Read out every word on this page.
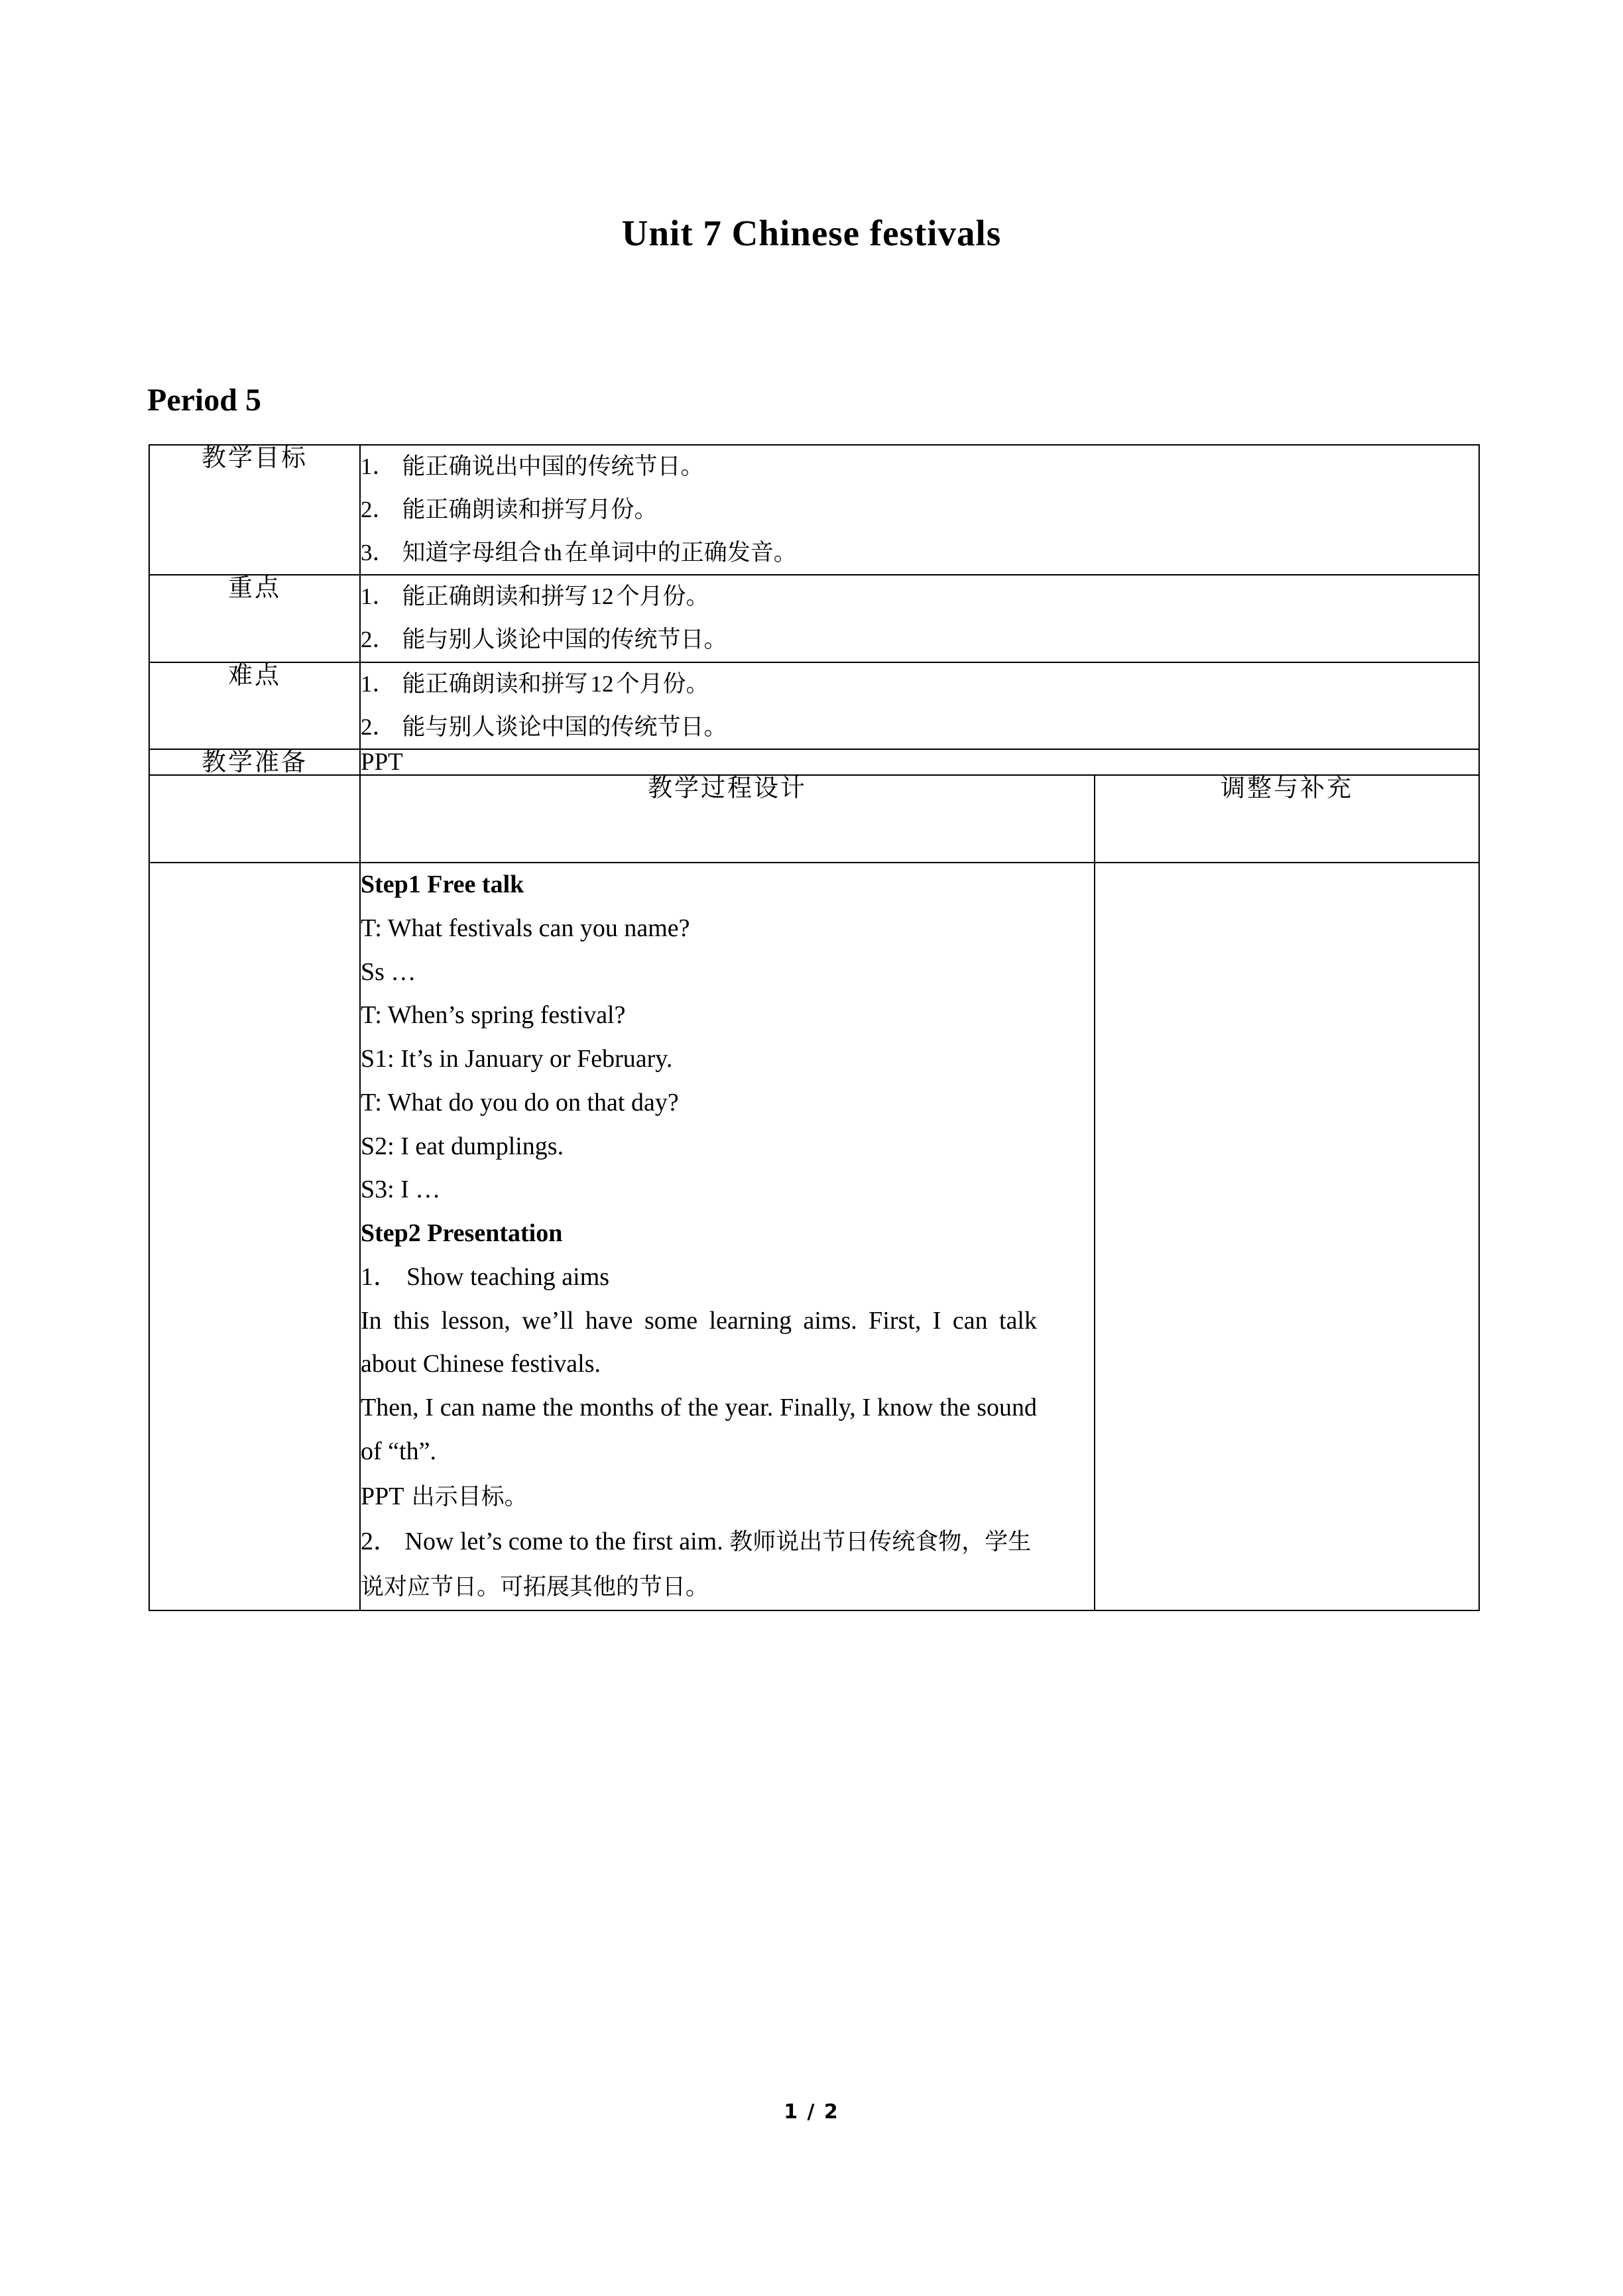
Unit 7 Chinese festivals
Period 5
教学目标	1． 能正确说出中国的传统节日。
2． 能正确朗读和拼写月份。
3． 知道字母组合 th 在单词中的正确发音。	

重点	1． 能正确朗读和拼写 12 个月份。
2． 能与别人谈论中国的传统节日。	

难点	1． 能正确朗读和拼写 12 个月份。
2． 能与别人谈论中国的传统节日。	

教学准备	PPT	
	教学过程设计	调整与补充

Step1 Free talk

T: What festivals can you name?

Ss …

T: When’s spring festival?

S1: It’s in January or February.

T: What do you do on that day?

S2: I eat dumplings.

S3: I …

Step2 Presentation

1． Show teaching aims

In this lesson, we’ll have some learning aims. First, I can talk about Chinese festivals.

Then, I can name the months of the year. Finally, I know the sound of “th”.

PPT 出示目标。

2． Now let’s come to the first aim. 教师说出节日传统食物，学生说对应节日。可拓展其他的节日。

1 / 2
